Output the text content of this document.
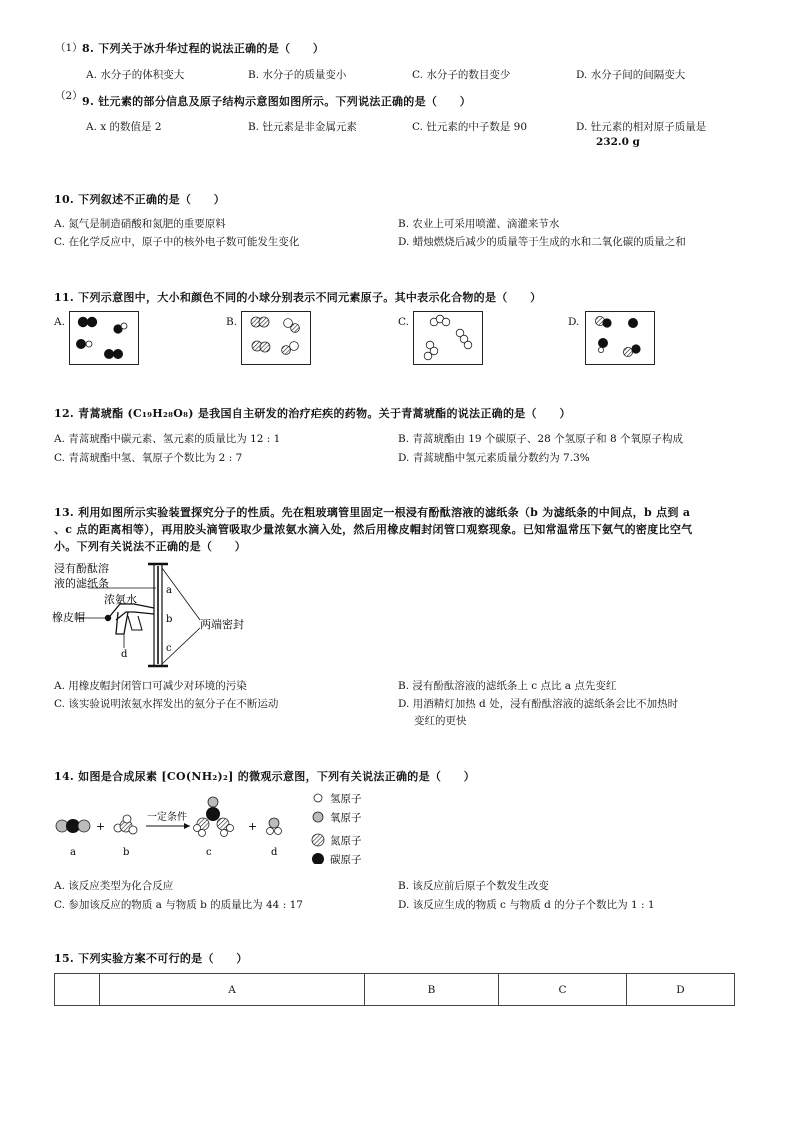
（1） 8. 下列关于冰升华过程的说法正确的是（　　）
A. 水分子的体积变大	B. 水分子的质量变小	C. 水分子的数目变少	D. 水分子间的间隔变大
（2） 9. 钍元素的部分信息及原子结构示意图如图所示。下列说法正确的是（　　）
A. x 的数值是 2	B. 钍元素是非金属元素	C. 钍元素的中子数是 90	D. 钍元素的相对原子质量是
232.0 g
10. 下列叙述不正确的是（　　）
A. 氮气是制造硝酸和氮肥的重要原料	B. 农业上可采用喷灌、滴灌来节水
C. 在化学反应中，原子中的核外电子数可能发生变化	D. 蜡烛燃烧后减少的质量等于生成的水和二氧化碳的质量之和
11. 下列示意图中，大小和颜色不同的小球分别表示不同元素原子。其中表示化合物的是（　　）
A.	B.	C.	D.
12. 青蒿琥酯 (C₁₉H₂₈O₈) 是我国自主研发的治疗疟疾的药物。关于青蒿琥酯的说法正确的是（　　）
A. 青蒿琥酯中碳元素、氢元素的质量比为 12 : 1	B. 青蒿琥酯由 19 个碳原子、28 个氢原子和 8 个氧原子构成
C. 青蒿琥酯中氢、氧原子个数比为 2 : 7	D. 青蒿琥酯中氢元素质量分数约为 7.3%
13. 利用如图所示实验装置探究分子的性质。先在粗玻璃管里固定一根浸有酚酞溶液的滤纸条（b 为滤纸条的中间点，b 点到 a
、c 点的距离相等），再用胶头滴管吸取少量浓氨水滴入处，然后用橡皮帽封闭管口观察现象。已知常温常压下氨气的密度比空气
小。下列有关说法不正确的是（　　）
浸有酚酞溶
液的滤纸条
浓氨水
橡皮帽
两端密封
a
b
c
d
A. 用橡皮帽封闭管口可减少对环境的污染	B. 浸有酚酞溶液的滤纸条上 c 点比 a 点先变红
C. 该实验说明浓氨水挥发出的氨分子在不断运动	D. 用酒精灯加热 d 处，浸有酚酞溶液的滤纸条会比不加热时
变红的更快
14. 如图是合成尿素 [CO(NH₂)₂] 的微观示意图，下列有关说法正确的是（　　）
+
一定条件
+
a	b	c	d
氢原子
氧原子
氮原子
碳原子
A. 该反应类型为化合反应	B. 该反应前后原子个数发生改变
C. 参加该反应的物质 a 与物质 b 的质量比为 44 : 17	D. 该反应生成的物质 c 与物质 d 的分子个数比为 1 : 1
15. 下列实验方案不可行的是（　　）
	A	B	C	D
